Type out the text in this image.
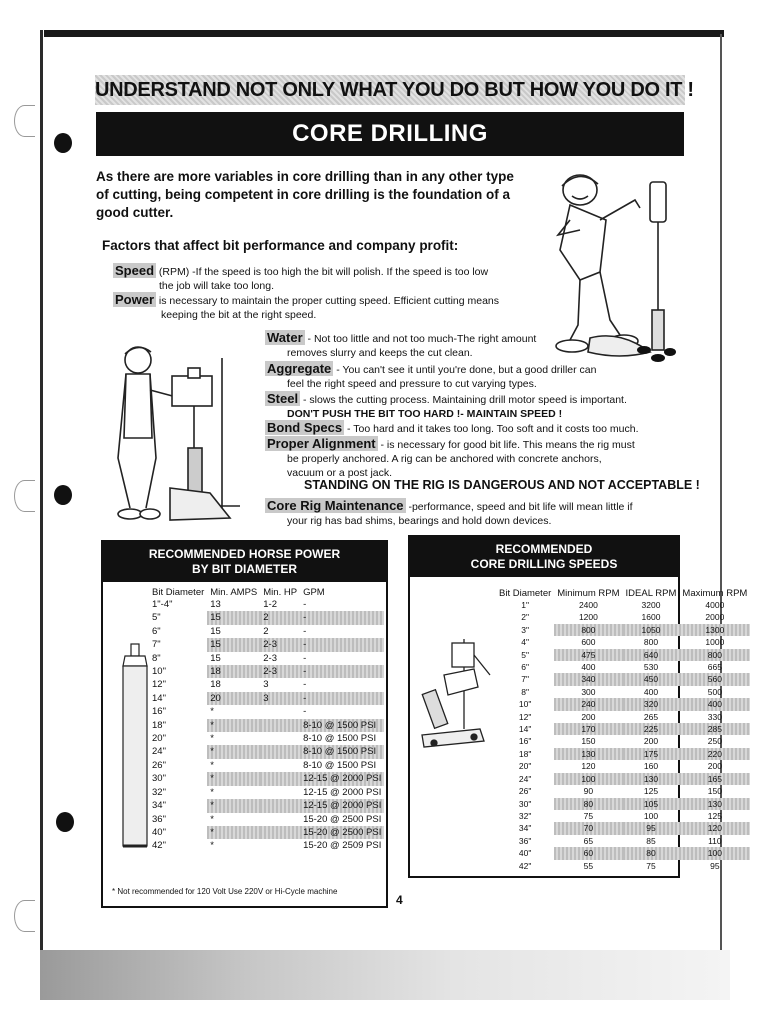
UNDERSTAND NOT ONLY WHAT YOU DO BUT HOW YOU DO IT !
CORE DRILLING
As there are more variables in core drilling than in any other type of cutting, being competent in core drilling is the foundation of a good cutter.
Factors that affect bit performance and company profit:
Speed (RPM) -If the speed is too high the bit will polish. If the speed is too low
the job will take too long.
Power is necessary to maintain the proper cutting speed. Efficient cutting means
keeping the bit at the right speed.
Water - Not too little and not too much-The right amount
removes slurry and keeps the cut clean.
Aggregate - You can't see it until you're done, but a good driller can
feel the right speed and pressure to cut varying types.
Steel - slows the cutting process. Maintaining drill motor speed is important.
DON'T PUSH THE BIT TOO HARD !- MAINTAIN SPEED !
Bond Specs - Too hard and it takes too long. Too soft and it costs too much.
Proper Alignment - is necessary for good bit life. This means the rig must
be properly anchored. A rig can be anchored with concrete anchors,
vacuum or a post jack.
STANDING ON THE RIG IS DANGEROUS AND NOT ACCEPTABLE !
Core Rig Maintenance -performance, speed and bit life will mean little if
your rig has bad shims, bearings and hold down devices.
RECOMMENDED HORSE POWER
BY BIT DIAMETER
Bit Diameter	Min. AMPS	Min. HP	GPM
1"-4"	13	1-2	-
5"	15	2	-
6"	15	2	-
7"	15	2-3	-
8"	15	2-3	-
10"	18	2-3	-
12"	18	3	-
14"	20	3	-
16"	*		-
18"	*		8-10 @ 1500 PSI
20"	*		8-10 @ 1500 PSI
24"	*		8-10 @ 1500 PSI
26"	*		8-10 @ 1500 PSI
30"	*		12-15 @ 2000 PSI
32"	*		12-15 @ 2000 PSI
34"	*		12-15 @ 2000 PSI
36"	*		15-20 @ 2500 PSI
40"	*		15-20 @ 2500 PSI
42"	*		15-20 @ 2509 PSI
* Not recommended for 120 Volt Use 220V or Hi-Cycle machine
RECOMMENDED
CORE DRILLING SPEEDS
Bit Diameter	Minimum RPM	IDEAL RPM	Maximum RPM
1"	2400	3200	4000
2"	1200	1600	2000
3"	800	1050	1300
4"	600	800	1000
5"	475	640	800
6"	400	530	665
7"	340	450	560
8"	300	400	500
10"	240	320	400
12"	200	265	330
14"	170	225	285
16"	150	200	250
18"	130	175	220
20"	120	160	200
24"	100	130	165
26"	90	125	150
30"	80	105	130
32"	75	100	125
34"	70	95	120
36"	65	85	110
40"	60	80	100
42"	55	75	95
4
